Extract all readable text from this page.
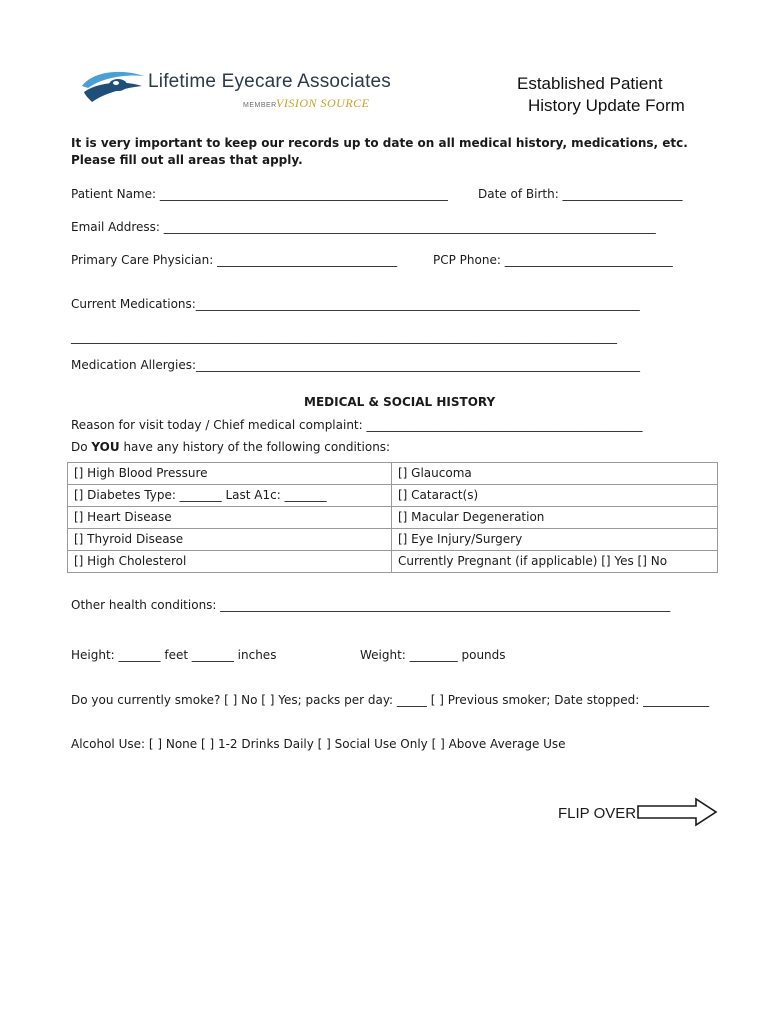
Lifetime Eyecare Associates
MEMBER VISION SOURCE
Established Patient
History Update Form
It is very important to keep our records up to date on all medical history, medications, etc.
Please fill out all areas that apply.
Patient Name: ________________________________________________	Date of Birth: ____________________
Email Address: __________________________________________________________________________________
Primary Care Physician: ______________________________	PCP Phone: ____________________________
Current Medications:__________________________________________________________________________
___________________________________________________________________________________________
Medication Allergies:__________________________________________________________________________
MEDICAL & SOCIAL HISTORY
Reason for visit today / Chief medical complaint: ______________________________________________
Do YOU have any history of the following conditions:
[] High Blood Pressure	[] Glaucoma
[] Diabetes Type: _______ Last A1c: _______	[] Cataract(s)
[] Heart Disease	[] Macular Degeneration
[] Thyroid Disease	[] Eye Injury/Surgery
[] High Cholesterol	Currently Pregnant (if applicable) [] Yes [] No
Other health conditions: ___________________________________________________________________________
Height: _______ feet _______ inches	Weight: ________ pounds
Do you currently smoke? [ ] No [ ] Yes; packs per day: _____ [ ] Previous smoker; Date stopped: ___________
Alcohol Use: [ ] None [ ] 1-2 Drinks Daily [ ] Social Use Only [ ] Above Average Use
FLIP OVER
